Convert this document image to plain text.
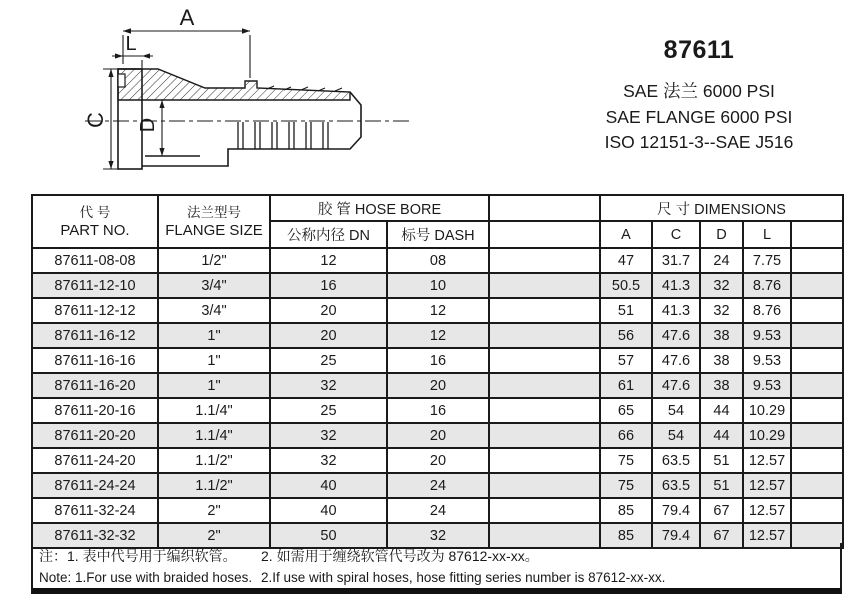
A
L
C D
87611
SAE 法兰 6000 PSI
SAE FLANGE 6000 PSI
ISO 12151-3--SAE J516
代 号
PART NO.

法兰型号
FLANGE SIZE
	胶 管 HOSE BORE		尺 寸 DIMENSIONS
		公称内径 DN	标号 DASH		A	C	D	L	
87611-08-08	1/2"	12	08		47	31.7	24	7.75	
87611-12-10	3/4"	16	10		50.5	41.3	32	8.76	
87611-12-12	3/4"	20	12		51	41.3	32	8.76	
87611-16-12	1"	20	12		56	47.6	38	9.53	
87611-16-16	1"	25	16		57	47.6	38	9.53	
87611-16-20	1"	32	20		61	47.6	38	9.53	
87611-20-16	1.1/4"	25	16		65	54	44	10.29	
87611-20-20	1.1/4"	32	20		66	54	44	10.29	
87611-24-20	1.1/2"	32	20		75	63.5	51	12.57	
87611-24-24	1.1/2"	40	24		75	63.5	51	12.57	
87611-32-24	2"	40	24		85	79.4	67	12.57	
87611-32-32	2"	50	32		85	79.4	67	12.57	
注：1. 表中代号用于编织软管。	2. 如需用于缠绕软管代号改为 87612-xx-xx。
Note: 1.For use with braided hoses. 2.If use with spiral hoses, hose fitting series number is 87612-xx-xx.
